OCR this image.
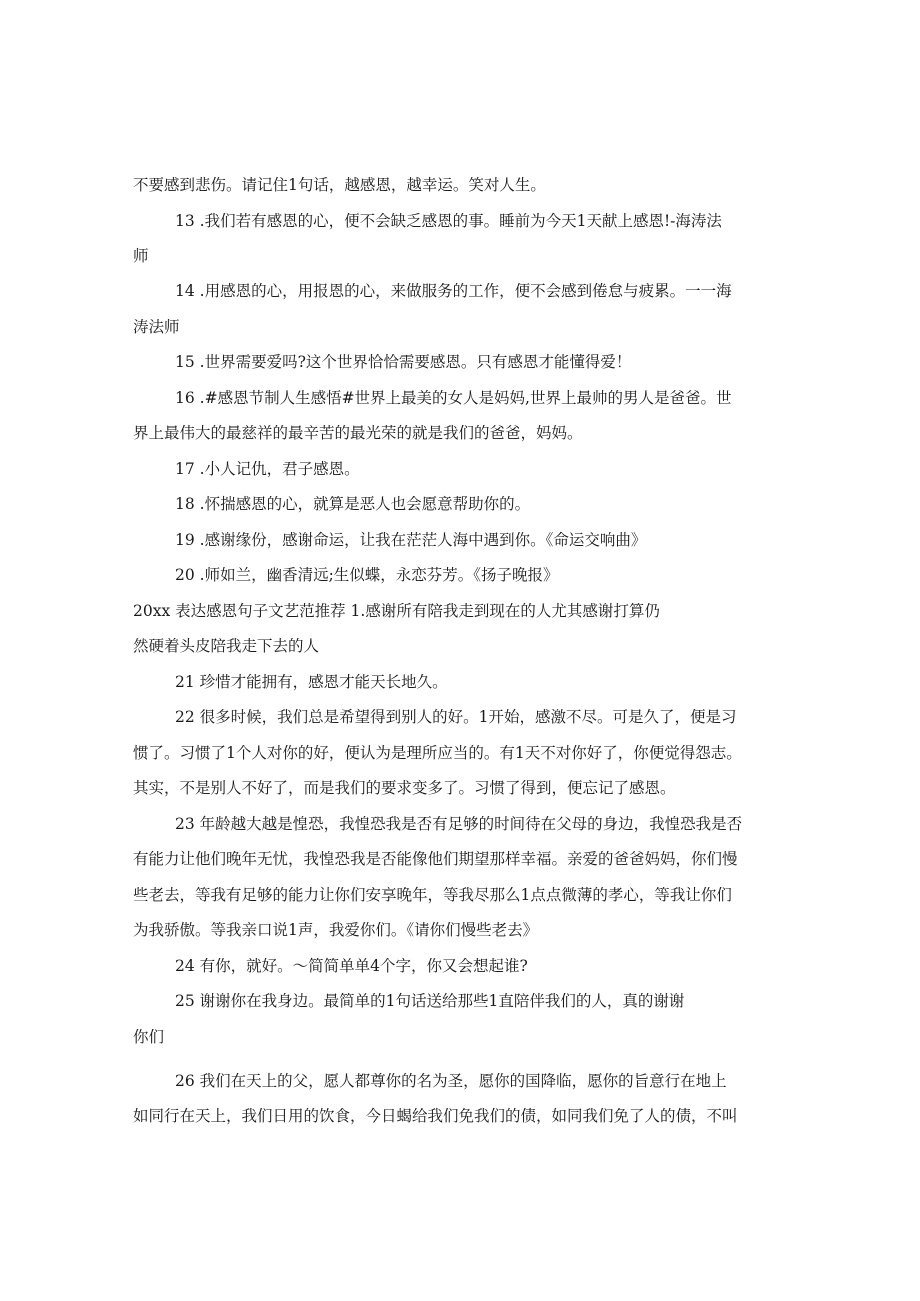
不要感到悲伤。请记住1句话，越感恩，越幸运。笑对人生。
13 .我们若有感恩的心，便不会缺乏感恩的事。睡前为今天1天献上感恩!-海涛法
师
14 .用感恩的心，用报恩的心，来做服务的工作，便不会感到倦怠与疲累。一一海
涛法师
15 .世界需要爱吗?这个世界恰恰需要感恩。只有感恩才能懂得爱！
16 .#感恩节制人生感悟#世界上最美的女人是妈妈,世界上最帅的男人是爸爸。世
界上最伟大的最慈祥的最辛苦的最光荣的就是我们的爸爸，妈妈。
17 .小人记仇，君子感恩。
18 .怀揣感恩的心，就算是恶人也会愿意帮助你的。
19 .感谢缘份，感谢命运，让我在茫茫人海中遇到你。《命运交响曲》
20 .师如兰，幽香清远;生似蝶，永恋芬芳。《扬子晚报》
20xx 表达感恩句子文艺范推荐 1.感谢所有陪我走到现在的人尤其感谢打算仍
然硬着头皮陪我走下去的人
21 珍惜才能拥有，感恩才能天长地久。
22 很多时候，我们总是希望得到别人的好。1开始，感激不尽。可是久了，便是习
惯了。习惯了1个人对你的好，便认为是理所应当的。有1天不对你好了，你便觉得怨志。
其实，不是别人不好了，而是我们的要求变多了。习惯了得到，便忘记了感恩。
23 年龄越大越是惶恐，我惶恐我是否有足够的时间待在父母的身边，我惶恐我是否
有能力让他们晚年无忧，我惶恐我是否能像他们期望那样幸福。亲爱的爸爸妈妈，你们慢
些老去，等我有足够的能力让你们安享晚年，等我尽那么1点点微薄的孝心，等我让你们
为我骄傲。等我亲口说1声，我爱你们。《请你们慢些老去》
24 有你，就好。～简简单单4个字，你又会想起谁?
25 谢谢你在我身边。最简单的1句话送给那些1直陪伴我们的人，真的谢谢
你们
26 我们在天上的父，愿人都尊你的名为圣，愿你的国降临，愿你的旨意行在地上
如同行在天上，我们日用的饮食，今日蝎给我们免我们的债，如同我们免了人的债，不叫
